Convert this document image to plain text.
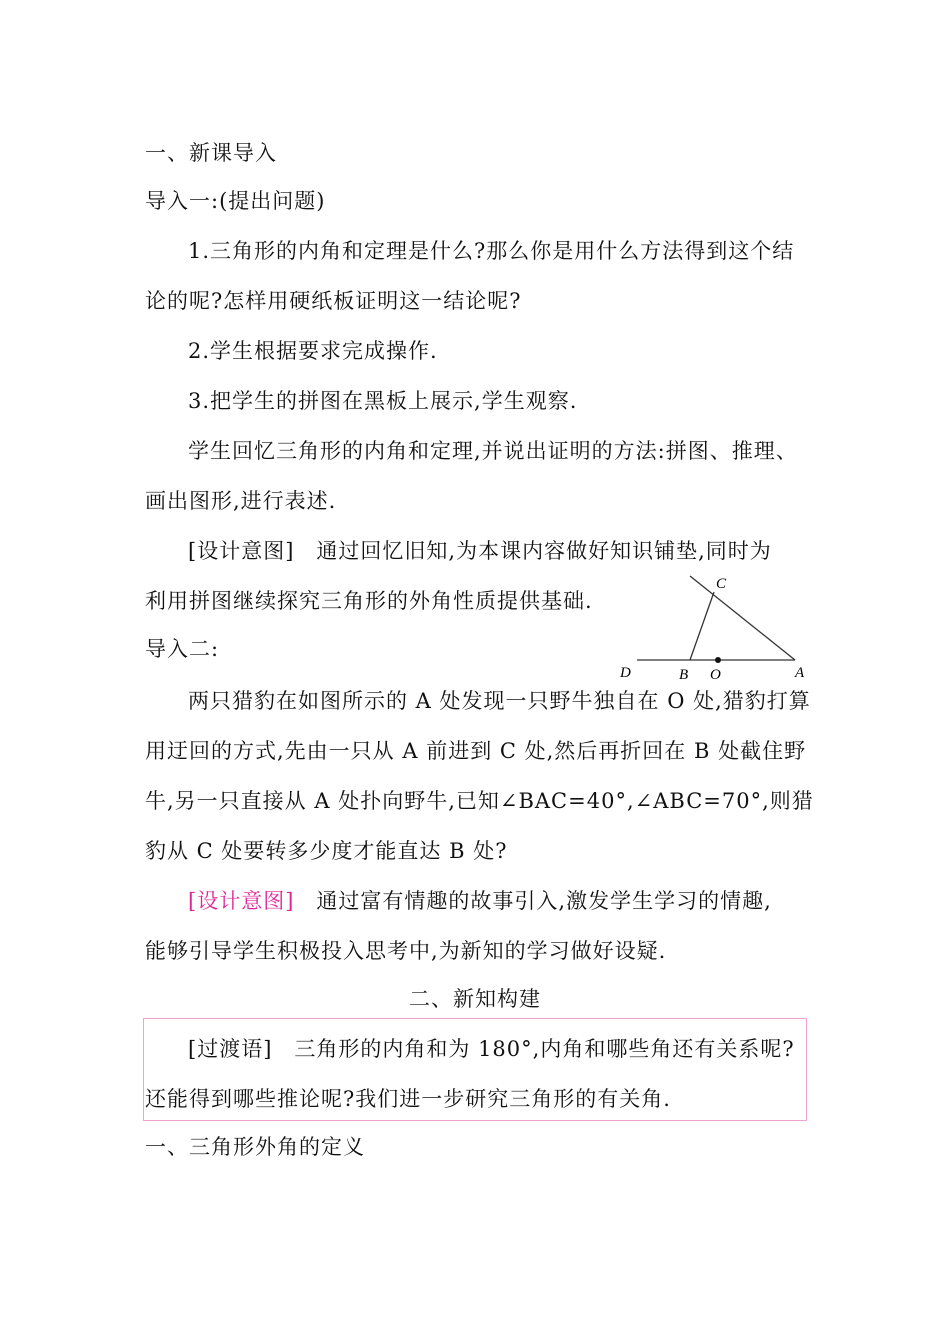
一、新课导入
导入一:(提出问题)
1.三角形的内角和定理是什么?那么你是用什么方法得到这个结
论的呢?怎样用硬纸板证明这一结论呢?
2.学生根据要求完成操作.
3.把学生的拼图在黑板上展示,学生观察.
学生回忆三角形的内角和定理,并说出证明的方法:拼图、推理、
画出图形,进行表述.
[设计意图] 通过回忆旧知,为本课内容做好知识铺垫,同时为
利用拼图继续探究三角形的外角性质提供基础.
导入二:
C
D	B O	A
两只猎豹在如图所示的 A 处发现一只野牛独自在 O 处,猎豹打算
用迂回的方式,先由一只从 A 前进到 C 处,然后再折回在 B 处截住野
牛,另一只直接从 A 处扑向野牛,已知∠BAC=40°,∠ABC=70°,则猎
豹从 C 处要转多少度才能直达 B 处?
[设计意图] 通过富有情趣的故事引入,激发学生学习的情趣,
能够引导学生积极投入思考中,为新知的学习做好设疑.
二、新知构建
[过渡语] 三角形的内角和为 180°,内角和哪些角还有关系呢?
还能得到哪些推论呢?我们进一步研究三角形的有关角.
一、三角形外角的定义
